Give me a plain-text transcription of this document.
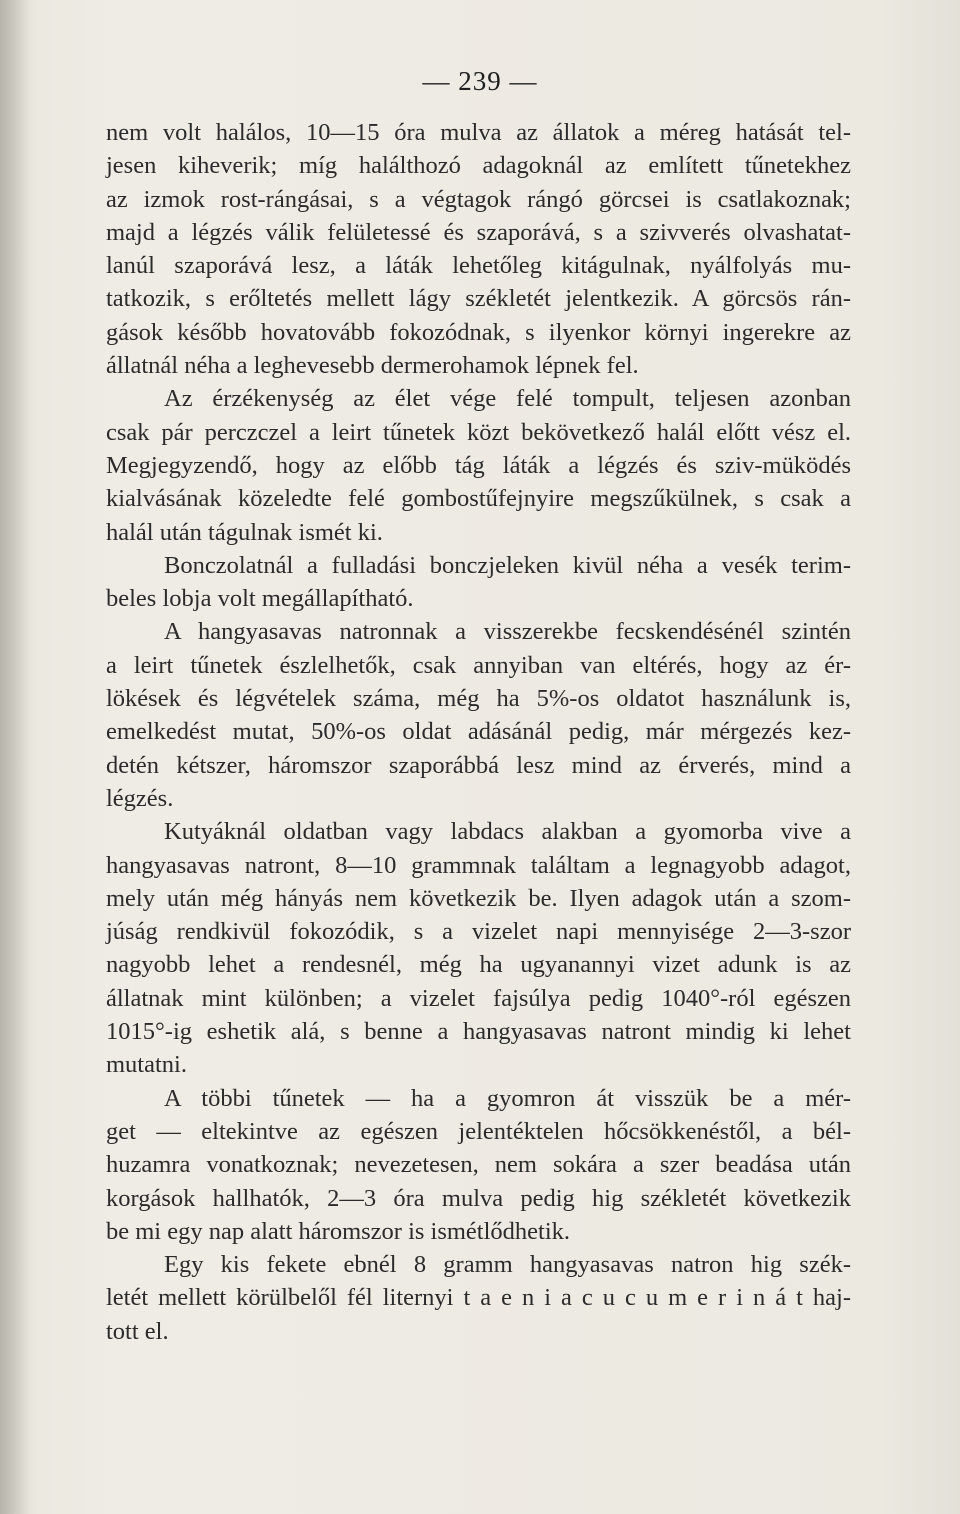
— 239 —
nem volt halálos, 10—15 óra mulva az állatok a méreg hatását tel-
jesen kiheverik; míg halálthozó adagoknál az említett tűnetekhez
az izmok rost-rángásai, s a végtagok rángó görcsei is csatlakoznak;
majd a légzés válik felületessé és szaporává, s a szivverés olvashatat-
lanúl szaporává lesz, a láták lehetőleg kitágulnak, nyálfolyás mu-
tatkozik, s erőltetés mellett lágy székletét jelentkezik. A görcsös rán-
gások később hovatovább fokozódnak, s ilyenkor környi ingerekre az
állatnál néha a leghevesebb dermerohamok lépnek fel.
Az érzékenység az élet vége felé tompult, teljesen azonban
csak pár perczczel a leirt tűnetek közt bekövetkező halál előtt vész el.
Megjegyzendő, hogy az előbb tág láták a légzés és sziv-müködés
kialvásának közeledte felé gombostűfejnyire megszűkülnek, s csak a
halál után tágulnak ismét ki.
Bonczolatnál a fulladási bonczjeleken kivül néha a vesék terim-
beles lobja volt megállapítható.
A hangyasavas natronnak a visszerekbe fecskendésénél szintén
a leirt tűnetek észlelhetők, csak annyiban van eltérés, hogy az ér-
lökések és légvételek száma, még ha 5%-os oldatot használunk is,
emelkedést mutat, 50%-os oldat adásánál pedig, már mérgezés kez-
detén kétszer, háromszor szaporábbá lesz mind az érverés, mind a
légzés.
Kutyáknál oldatban vagy labdacs alakban a gyomorba vive a
hangyasavas natront, 8—10 grammnak találtam a legnagyobb adagot,
mely után még hányás nem következik be. Ilyen adagok után a szom-
júság rendkivül fokozódik, s a vizelet napi mennyisége 2—3-szor
nagyobb lehet a rendesnél, még ha ugyanannyi vizet adunk is az
állatnak mint különben; a vizelet fajsúlya pedig 1040°-ról egészen
1015°-ig eshetik alá, s benne a hangyasavas natront mindig ki lehet
mutatni.
A többi tűnetek — ha a gyomron át visszük be a mér-
get — eltekintve az egészen jelentéktelen hőcsökkenéstől, a bél-
huzamra vonatkoznak; nevezetesen, nem sokára a szer beadása után
korgások hallhatók, 2—3 óra mulva pedig hig székletét következik
be mi egy nap alatt háromszor is ismétlődhetik.
Egy kis fekete ebnél 8 gramm hangyasavas natron hig szék-
letét mellett körülbelől fél liternyi t a e n i a c u c u m e r i n á t haj-
tott el.
